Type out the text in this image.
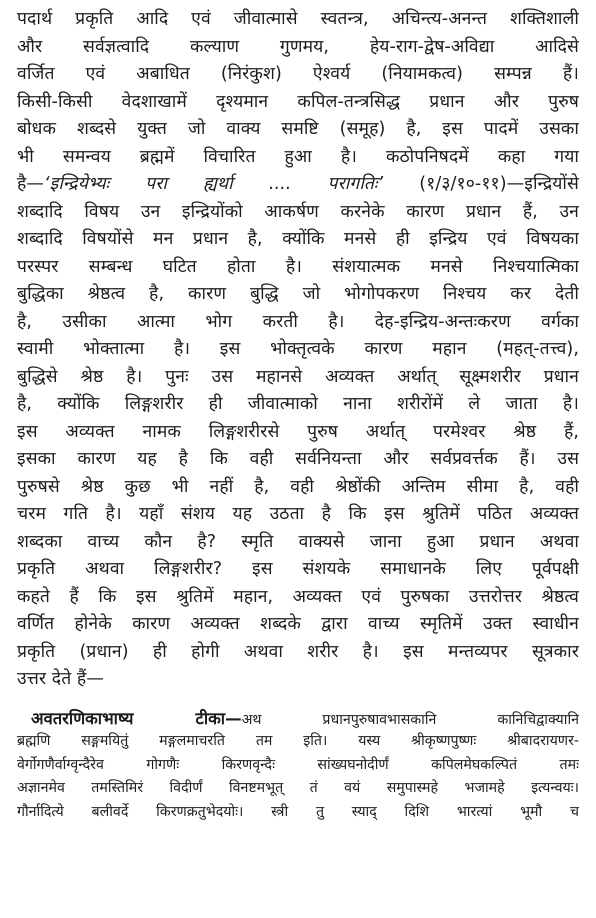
पदार्थ प्रकृति आदि एवं जीवात्मासे स्वतन्त्र, अचिन्त्य-अनन्त शक्तिशाली
और सर्वज्ञत्वादि कल्याण गुणमय, हेय-राग-द्वेष-अविद्या आदिसे
वर्जित एवं अबाधित (निरंकुश) ऐश्वर्य (नियामकत्व) सम्पन्न हैं।
किसी-किसी वेदशाखामें दृश्यमान कपिल-तन्त्रसिद्ध प्रधान और पुरुष
बोधक शब्दसे युक्त जो वाक्य समष्टि (समूह) है, इस पादमें उसका
भी समन्वय ब्रह्ममें विचारित हुआ है। कठोपनिषदमें कहा गया
है—‘इन्द्रियेभ्यः परा ह्यर्था .... परागतिः’ (१/३/१०-११)—इन्द्रियोंसे
शब्दादि विषय उन इन्द्रियोंको आकर्षण करनेके कारण प्रधान हैं, उन
शब्दादि विषयोंसे मन प्रधान है, क्योंकि मनसे ही इन्द्रिय एवं विषयका
परस्पर सम्बन्ध घटित होता है। संशयात्मक मनसे निश्चयात्मिका
बुद्धिका श्रेष्ठत्व है, कारण बुद्धि जो भोगोपकरण निश्चय कर देती
है, उसीका आत्मा भोग करती है। देह-इन्द्रिय-अन्तःकरण वर्गका
स्वामी भोक्तात्मा है। इस भोक्तृत्वके कारण महान (महत्-तत्त्व),
बुद्धिसे श्रेष्ठ है। पुनः उस महानसे अव्यक्त अर्थात् सूक्ष्मशरीर प्रधान
है, क्योंकि लिङ्गशरीर ही जीवात्माको नाना शरीरोंमें ले जाता है।
इस अव्यक्त नामक लिङ्गशरीरसे पुरुष अर्थात् परमेश्वर श्रेष्ठ हैं,
इसका कारण यह है कि वही सर्वनियन्ता और सर्वप्रवर्त्तक हैं। उस
पुरुषसे श्रेष्ठ कुछ भी नहीं है, वही श्रेष्ठोंकी अन्तिम सीमा है, वही
चरम गति है। यहाँ संशय यह उठता है कि इस श्रुतिमें पठित अव्यक्त
शब्दका वाच्य कौन है? स्मृति वाक्यसे जाना हुआ प्रधान अथवा
प्रकृति अथवा लिङ्गशरीर? इस संशयके समाधानके लिए पूर्वपक्षी
कहते हैं कि इस श्रुतिमें महान, अव्यक्त एवं पुरुषका उत्तरोत्तर श्रेष्ठत्व
वर्णित होनेके कारण अव्यक्त शब्दके द्वारा वाच्य स्मृतिमें उक्त स्वाधीन
प्रकृति (प्रधान) ही होगी अथवा शरीर है। इस मन्तव्यपर सूत्रकार
उत्तर देते हैं—
अवतरणिकाभाष्य टीका—अथ प्रधानपुरुषावभासकानि कानिचिद्वाक्यानि
ब्रह्मणि सङ्गमयितुं मङ्गलमाचरति तम इति। यस्य श्रीकृष्णपुष्णः श्रीबादरायणर-
वेर्गोगणैर्वाग्वृन्दैरेव गोगणैः किरणवृन्दैः सांख्यघनोदीर्णं कपिलमेघकल्पितं तमः
अज्ञानमेव तमस्तिमिरं विदीर्णं विनष्टमभूत् तं वयं समुपास्महे भजामहे इत्यन्वयः।
गौर्नादित्ये बलीवर्दे किरणक्रतुभेदयोः। स्त्री तु स्याद् दिशि भारत्यां भूमौ च
